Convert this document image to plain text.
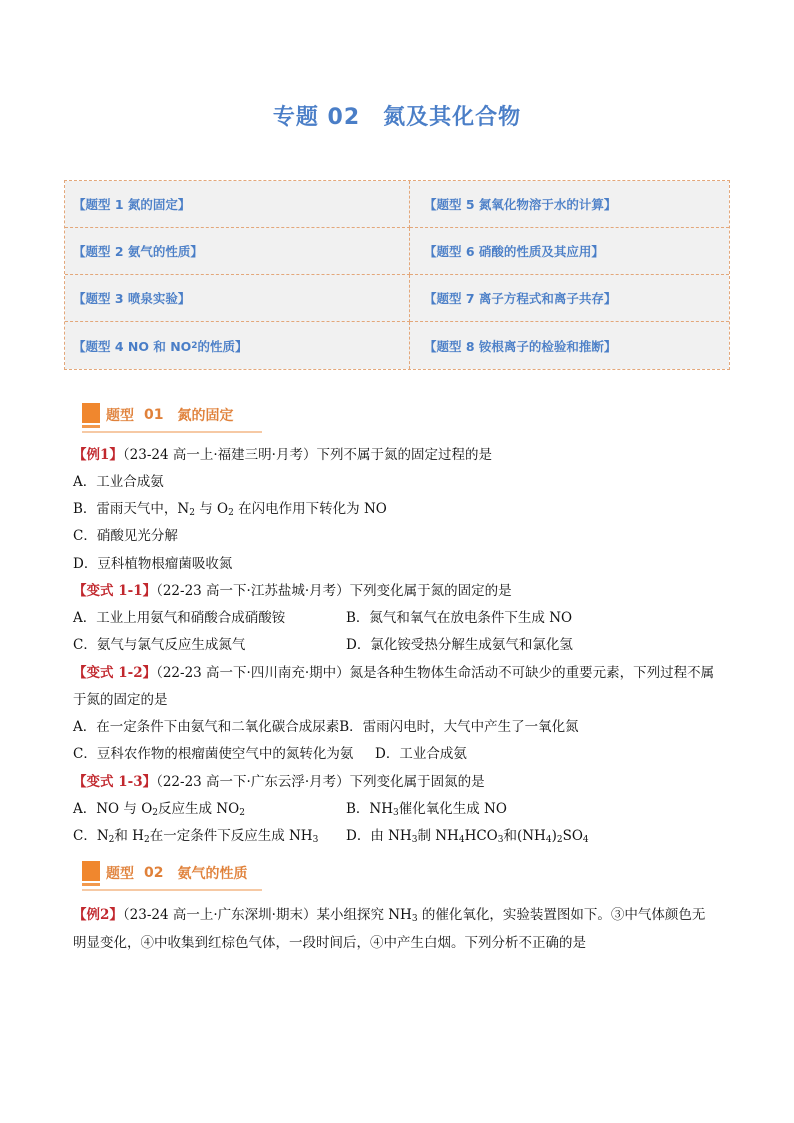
专题 02　氮及其化合物
【题型 1 氮的固定】	【题型 5 氮氧化物溶于水的计算】
【题型 2 氨气的性质】	【题型 6 硝酸的性质及其应用】
【题型 3 喷泉实验】	【题型 7 离子方程式和离子共存】
【题型 4 NO 和 NO 2 的性质】	【题型 8 铵根离子的检验和推断】
题型 01 氮的固定
【例1】（23-24 高一上·福建三明·月考）下列不属于氮的固定过程的是
A．工业合成氨
B．雷雨天气中，$N_2$ 与 $O_2$ 在闪电作用下转化为 NO
C．硝酸见光分解
D．豆科植物根瘤菌吸收氮
【变式 1-1】（22-23 高一下·江苏盐城·月考）下列变化属于氮的固定的是
A．工业上用氨气和硝酸合成硝酸铵	B．氮气和氧气在放电条件下生成 NO
C．氨气与氯气反应生成氮气	D．氯化铵受热分解生成氨气和氯化氢
【变式 1-2】（22-23 高一下·四川南充·期中）氮是各种生物体生命活动不可缺少的重要元素，下列过程不属
于氮的固定的是
A．在一定条件下由氨气和二氧化碳合成尿素B．雷雨闪电时，大气中产生了一氧化氮
C．豆科农作物的根瘤菌使空气中的氮转化为氨 D．工业合成氨
【变式 1-3】（22-23 高一下·广东云浮·月考）下列变化属于固氮的是
A．NO 与 $O_2$反应生成 $NO_2$	B．$NH_3$催化氧化生成 NO
C．$N_2$和 $H_2$在一定条件下反应生成 $NH_3$ D．由 $NH_3$制 $NH_4HCO_3$和$(NH_4)_2SO_4$
题型 02 氨气的性质
【例2】（23-24 高一上·广东深圳·期末）某小组探究 $NH_3$ 的催化氧化，实验装置图如下。③中气体颜色无
明显变化，④中收集到红棕色气体，一段时间后，④中产生白烟。下列分析不正确的是
